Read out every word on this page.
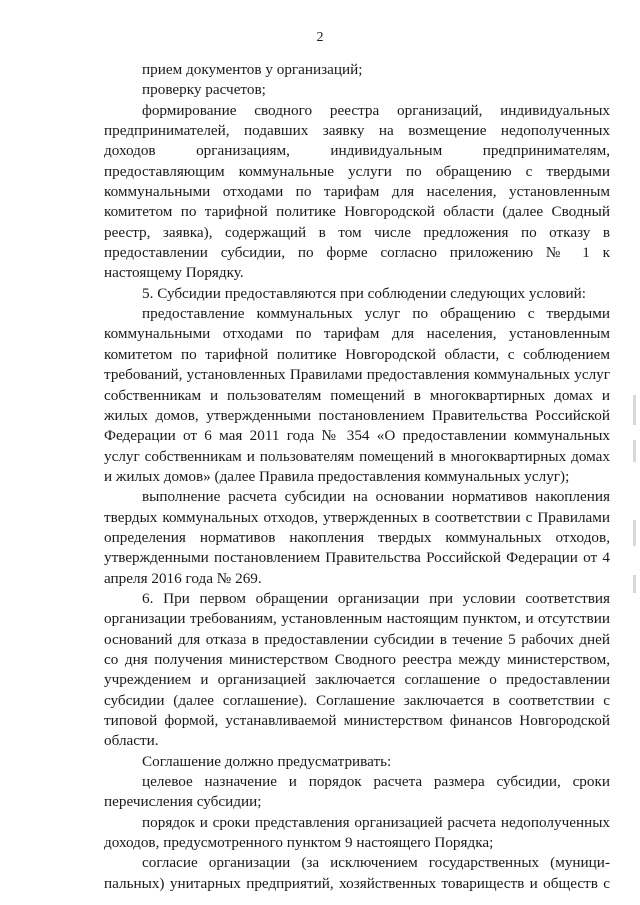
2

прием документов у организаций;

проверку расчетов;

формирование сводного реестра организаций, индивидуальных предпринимателей, подавших заявку на возмещение недополученных доходов организациям, индивидуальным предпринимателям, предоставляющим коммунальные услуги по обращению с твердыми коммунальными отходами по тарифам для населения, установленным комитетом по тарифной политике Новгородской области (далее Сводный реестр, заявка), содержащий в том числе предложения по отказу в предоставлении субсидии, по форме согласно приложению № 1 к настоящему Порядку.

5. Субсидии предоставляются при соблюдении следующих условий:

предоставление коммунальных услуг по обращению с твердыми коммунальными отходами по тарифам для населения, установленным комитетом по тарифной политике Новгородской области, с соблюдением требований, установленных Правилами предоставления коммунальных услуг собственникам и пользователям помещений в многоквартирных домах и жилых домов, утвержденными постановлением Правительства Российской Федерации от 6 мая 2011 года № 354 «О предоставлении коммунальных услуг собственникам и пользователям помещений в многоквартирных домах и жилых домов» (далее Правила предоставления коммунальных услуг);

выполнение расчета субсидии на основании нормативов накопления твердых коммунальных отходов, утвержденных в соответствии с Правилами определения нормативов накопления твердых коммунальных отходов, утвержденными постановлением Правительства Российской Федерации от 4 апреля 2016 года № 269.

6. При первом обращении организации при условии соответствия организации требованиям, установленным настоящим пунктом, и отсутствии оснований для отказа в предоставлении субсидии в течение 5 рабочих дней со дня получения министерством Сводного реестра между министерством, учреждением и организацией заключается соглашение о предоставлении субсидии (далее соглашение). Соглашение заключается в соответствии с типовой формой, устанавливаемой министерством финансов Новгородской области.

Соглашение должно предусматривать:

целевое назначение и порядок расчета размера субсидии, сроки перечисления субсидии;

порядок и сроки представления организацией расчета недополученных доходов, предусмотренного пунктом 9 настоящего Порядка;

согласие организации (за исключением государственных (муниципальных) унитарных предприятий, хозяйственных товариществ и обществ с
